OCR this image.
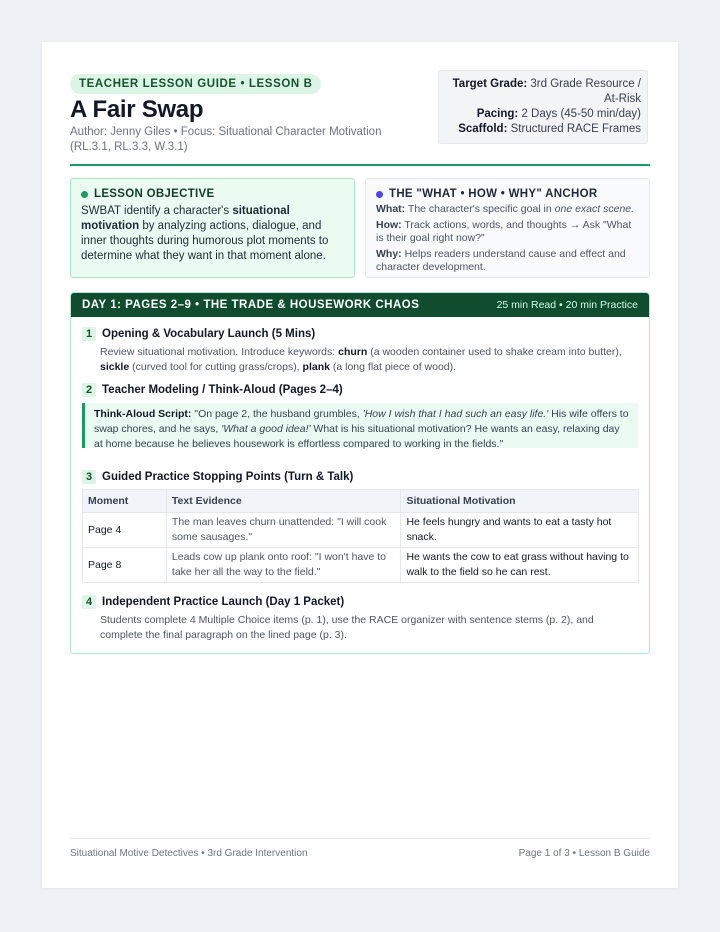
TEACHER LESSON GUIDE • LESSON B
A Fair Swap
Author: Jenny Giles • Focus: Situational Character Motivation (RL.3.1, RL.3.3, W.3.1)
Target Grade: 3rd Grade Resource / At-Risk
Pacing: 2 Days (45-50 min/day)
Scaffold: Structured RACE Frames
LESSON OBJECTIVE
SWBAT identify a character's situational motivation by analyzing actions, dialogue, and inner thoughts during humorous plot moments to determine what they want in that moment alone.
THE "WHAT • HOW • WHY" ANCHOR
What: The character's specific goal in one exact scene.
How: Track actions, words, and thoughts → Ask "What is their goal right now?"
Why: Helps readers understand cause and effect and character development.
DAY 1: PAGES 2–9 • THE TRADE & HOUSEWORK CHAOS	25 min Read • 20 min Practice
1 Opening & Vocabulary Launch (5 Mins)
Review situational motivation. Introduce keywords: churn (a wooden container used to shake cream into butter), sickle (curved tool for cutting grass/crops), plank (a long flat piece of wood).
2 Teacher Modeling / Think-Aloud (Pages 2–4)
Think-Aloud Script: "On page 2, the husband grumbles, 'How I wish that I had such an easy life.' His wife offers to swap chores, and he says, 'What a good idea!' What is his situational motivation? He wants an easy, relaxing day at home because he believes housework is effortless compared to working in the fields."
3 Guided Practice Stopping Points (Turn & Talk)
Moment	Text Evidence	Situational Motivation
Page 4	The man leaves churn unattended: "I will cook some sausages."	He feels hungry and wants to eat a tasty hot snack.
Page 8	Leads cow up plank onto roof: "I won't have to take her all the way to the field."	He wants the cow to eat grass without having to walk to the field so he can rest.
4 Independent Practice Launch (Day 1 Packet)
Students complete 4 Multiple Choice items (p. 1), use the RACE organizer with sentence stems (p. 2), and complete the final paragraph on the lined page (p. 3).
Situational Motive Detectives • 3rd Grade Intervention	Page 1 of 3 • Lesson B Guide
